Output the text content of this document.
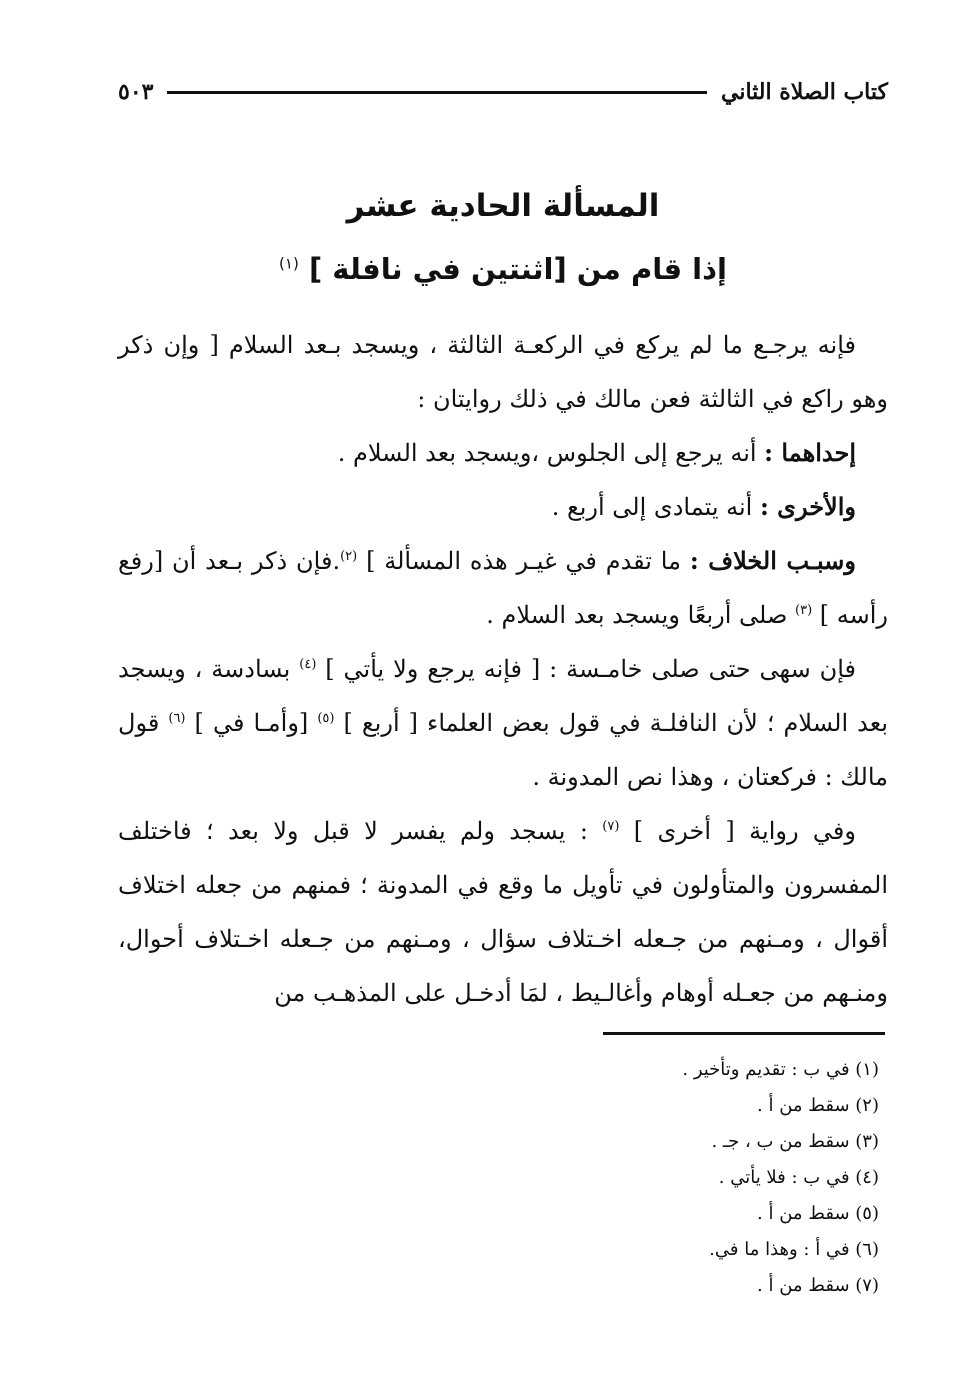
كتاب الصلاة الثاني
٥٠٣
المسألة الحادية عشر
إذا قام من [اثنتين في نافلة ] $^{(١)}$

فإنه يرجـع ما لم يركع في الركعـة الثالثة ، ويسجد بـعد السلام [ وإن ذكر وهو راكع في الثالثة فعن مالك في ذلك روايتان :

إحداهما : أنه يرجع إلى الجلوس ،ويسجد بعد السلام .

والأخرى : أنه يتمادى إلى أربع .

وسبـب الخلاف : ما تقدم في غيـر هذه المسألة ] $^{(٢)}$.فإن ذكر بـعد أن [رفع رأسه ] $^{(٣)}$ صلى أربعًا ويسجد بعد السلام .

فإن سهى حتى صلى خامـسة : [ فإنه يرجع ولا يأتي ] $^{(٤)}$ بسادسة ، ويسجد بعد السلام ؛ لأن النافلـة في قول بعض العلماء [ أربع ] $^{(٥)}$ [وأمـا في ] $^{(٦)}$ قول مالك : فركعتان ، وهذا نص المدونة .

وفي رواية [ أخرى ] $^{(٧)}$ : يسجد ولم يفسر لا قبل ولا بعد ؛ فاختلف المفسرون والمتأولون في تأويل ما وقع في المدونة ؛ فمنهم من جعله اختلاف أقوال ، ومـنهم من جـعله اخـتلاف سؤال ، ومـنهم من جـعله اخـتلاف أحوال، ومنـهم من جعـله أوهام وأغالـيط ، لمَا أدخـل على المذهـب من

(١) في ب : تقديم وتأخير .
(٢) سقط من أ .
(٣) سقط من ب ، جـ .
(٤) في ب : فلا يأتي .
(٥) سقط من أ .
(٦) في أ : وهذا ما في.
(٧) سقط من أ .
